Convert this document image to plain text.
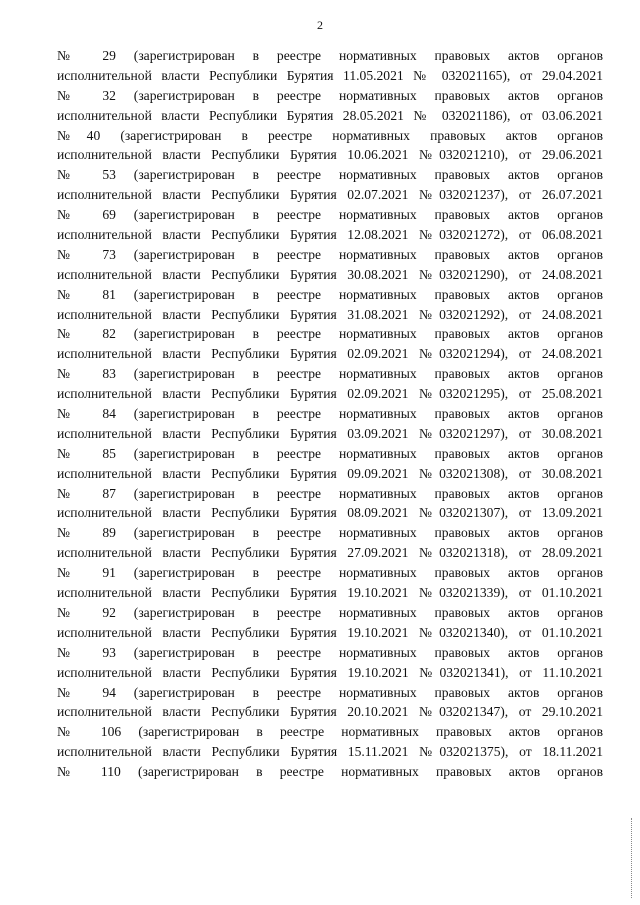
2
№ 29 (зарегистрирован в реестре нормативных правовых актов органов
исполнительной власти Республики Бурятия 11.05.2021 № 032021165), от 29.04.2021
№ 32 (зарегистрирован в реестре нормативных правовых актов органов
исполнительной власти Республики Бурятия 28.05.2021 № 032021186), от 03.06.2021
№40 (зарегистрирован в реестре нормативных правовых актов органов
исполнительной власти Республики Бурятия 10.06.2021 №032021210), от 29.06.2021
№ 53 (зарегистрирован в реестре нормативных правовых актов органов
исполнительной власти Республики Бурятия 02.07.2021 №032021237), от 26.07.2021
№ 69 (зарегистрирован в реестре нормативных правовых актов органов
исполнительной власти Республики Бурятия 12.08.2021 №032021272), от 06.08.2021
№ 73 (зарегистрирован в реестре нормативных правовых актов органов
исполнительной власти Республики Бурятия 30.08.2021 №032021290), от 24.08.2021
№ 81 (зарегистрирован в реестре нормативных правовых актов органов
исполнительной власти Республики Бурятия 31.08.2021 №032021292), от 24.08.2021
№ 82 (зарегистрирован в реестре нормативных правовых актов органов
исполнительной власти Республики Бурятия 02.09.2021 №032021294), от 24.08.2021
№ 83 (зарегистрирован в реестре нормативных правовых актов органов
исполнительной власти Республики Бурятия 02.09.2021 №032021295), от 25.08.2021
№ 84 (зарегистрирован в реестре нормативных правовых актов органов
исполнительной власти Республики Бурятия 03.09.2021 №032021297), от 30.08.2021
№ 85 (зарегистрирован в реестре нормативных правовых актов органов
исполнительной власти Республики Бурятия 09.09.2021 №032021308), от 30.08.2021
№ 87 (зарегистрирован в реестре нормативных правовых актов органов
исполнительной власти Республики Бурятия 08.09.2021 №032021307), от 13.09.2021
№ 89 (зарегистрирован в реестре нормативных правовых актов органов
исполнительной власти Республики Бурятия 27.09.2021 №032021318), от 28.09.2021
№ 91 (зарегистрирован в реестре нормативных правовых актов органов
исполнительной власти Республики Бурятия 19.10.2021 №032021339), от 01.10.2021
№ 92 (зарегистрирован в реестре нормативных правовых актов органов
исполнительной власти Республики Бурятия 19.10.2021 №032021340), от 01.10.2021
№ 93 (зарегистрирован в реестре нормативных правовых актов органов
исполнительной власти Республики Бурятия 19.10.2021 №032021341), от 11.10.2021
№ 94 (зарегистрирован в реестре нормативных правовых актов органов
исполнительной власти Республики Бурятия 20.10.2021 №032021347), от 29.10.2021
№ 106 (зарегистрирован в реестре нормативных правовых актов органов
исполнительной власти Республики Бурятия 15.11.2021 №032021375), от 18.11.2021
№ 110 (зарегистрирован в реестре нормативных правовых актов органов
